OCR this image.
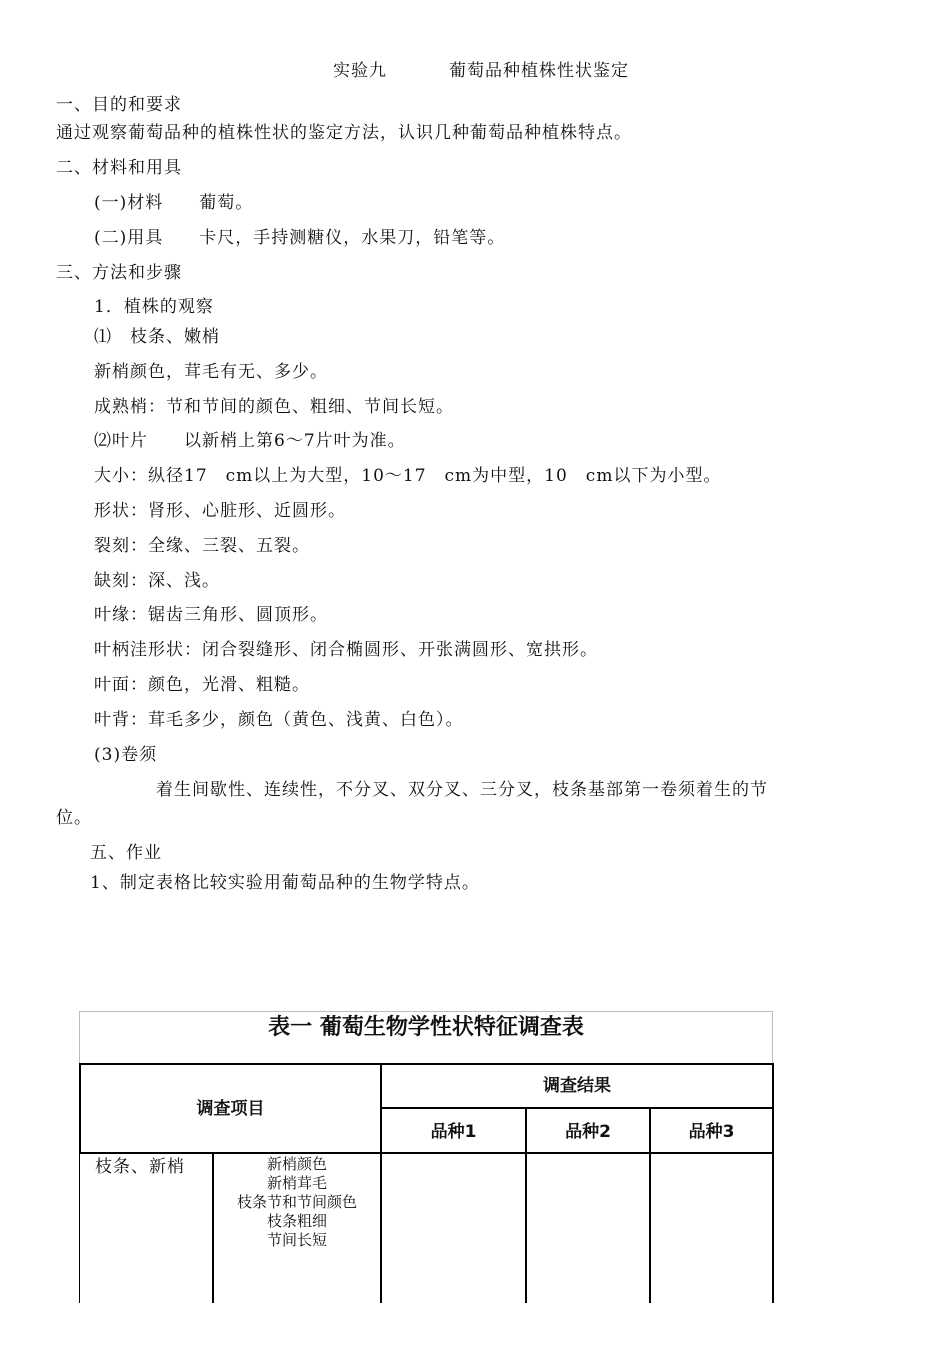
实验九	葡萄品种植株性状鉴定
一、目的和要求
通过观察葡萄品种的植株性状的鉴定方法，认识几种葡萄品种植株特点。
二、材料和用具
(一)材料　　葡萄。
(二)用具　　卡尺，手持测糖仪，水果刀，铅笔等。
三、方法和步骤
1．植株的观察
⑴　枝条、嫩梢
新梢颜色，茸毛有无、多少。
成熟梢：节和节间的颜色、粗细、节间长短。
⑵叶片　　以新梢上第6～7片叶为准。
大小：纵径17　cm以上为大型，10～17　cm为中型，10　cm以下为小型。
形状：肾形、心脏形、近圆形。
裂刻：全缘、三裂、五裂。
缺刻：深、浅。
叶缘：锯齿三角形、圆顶形。
叶柄洼形状：闭合裂缝形、闭合椭圆形、开张满圆形、宽拱形。
叶面：颜色，光滑、粗糙。
叶背：茸毛多少，颜色（黄色、浅黄、白色）。
(3)卷须
着生间歇性、连续性，不分叉、双分叉、三分叉，枝条基部第一卷须着生的节
位。
五、作业
1、制定表格比较实验用葡萄品种的生物学特点。
表一 葡萄生物学性状特征调查表
调查项目
调查结果
品种1	品种2	品种3
枝条、新梢	新梢颜色
新梢茸毛
枝条节和节间颜色
枝条粗细
节间长短
